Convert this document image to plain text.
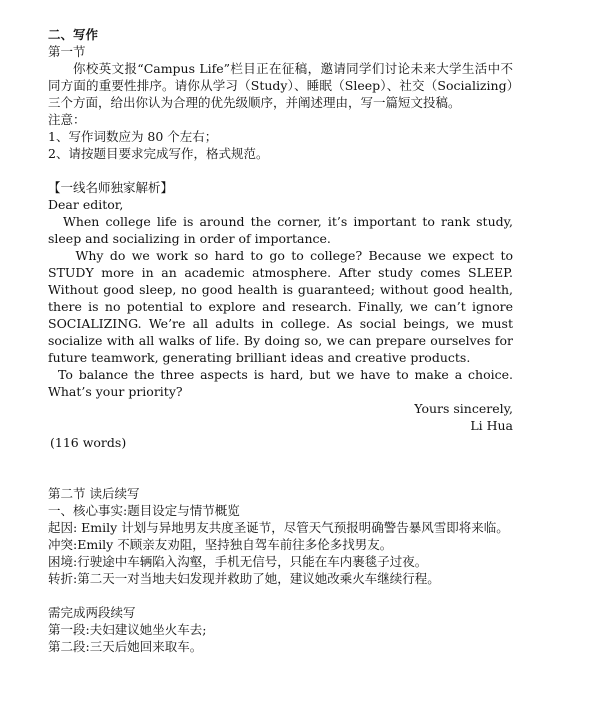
二、写作

第一节

你校英文报“Campus Life”栏目正在征稿，邀请同学们讨论未来大学生活中不同方面的重要性排序。请你从学习（Study）、睡眠（Sleep）、社交（Socializing）三个方面，给出你认为合理的优先级顺序，并阐述理由，写一篇短文投稿。

注意：

1、写作词数应为 80 个左右；

2、请按题目要求完成写作，格式规范。

【一线名师独家解析】

Dear editor,

When college life is around the corner, it’s important to rank study, sleep and socializing in order of importance.

Why do we work so hard to go to college? Because we expect to STUDY more in an academic atmosphere. After study comes SLEEP. Without good sleep, no good health is guaranteed; without good health, there is no potential to explore and research. Finally, we can’t ignore SOCIALIZING. We’re all adults in college. As social beings, we must socialize with all walks of life. By doing so, we can prepare ourselves for future teamwork, generating brilliant ideas and creative products.

To balance the three aspects is hard, but we have to make a choice. What’s your priority?

Yours sincerely,

Li Hua

(116 words)

第二节 读后续写

一、核心事实:题目设定与情节概览

起因: Emily 计划与异地男友共度圣诞节，尽管天气预报明确警告暴风雪即将来临。

冲突:Emily 不顾亲友劝阻，坚持独自驾车前往多伦多找男友。

困境:行驶途中车辆陷入沟壑，手机无信号，只能在车内裹毯子过夜。

转折:第二天一对当地夫妇发现并救助了她，建议她改乘火车继续行程。

需完成两段续写

第一段:夫妇建议她坐火车去;

第二段:三天后她回来取车。
